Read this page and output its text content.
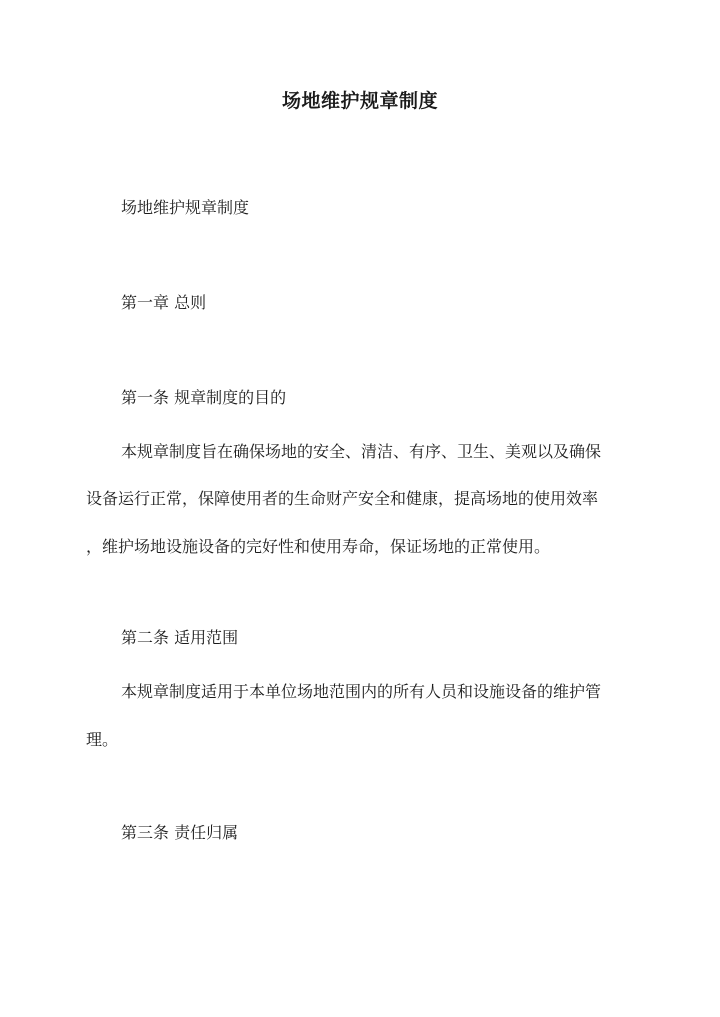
场地维护规章制度
场地维护规章制度
第一章 总则
第一条 规章制度的目的
本规章制度旨在确保场地的安全、清洁、有序、卫生、美观以及确保
设备运行正常，保障使用者的生命财产安全和健康，提高场地的使用效率
，维护场地设施设备的完好性和使用寿命，保证场地的正常使用。
第二条 适用范围
本规章制度适用于本单位场地范围内的所有人员和设施设备的维护管
理。
第三条 责任归属
